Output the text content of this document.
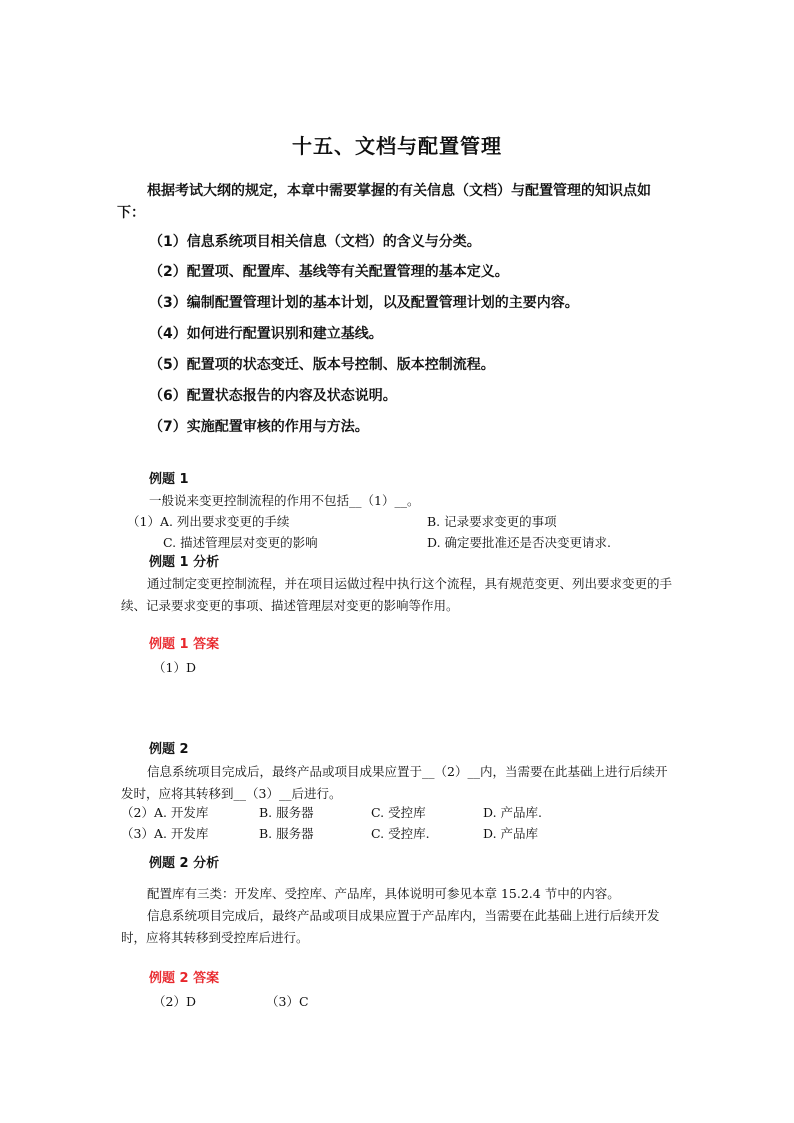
十五、文档与配置管理
根据考试大纲的规定，本章中需要掌握的有关信息（文档）与配置管理的知识点如下：
（1）信息系统项目相关信息（文档）的含义与分类。
（2）配置项、配置库、基线等有关配置管理的基本定义。
（3）编制配置管理计划的基本计划，以及配置管理计划的主要内容。
（4）如何进行配置识别和建立基线。
（5）配置项的状态变迁、版本号控制、版本控制流程。
（6）配置状态报告的内容及状态说明。
（7）实施配置审核的作用与方法。
例题 1
一般说来变更控制流程的作用不包括__（1）__。
（1）A. 列出要求变更的手续	B. 记录要求变更的事项
C. 描述管理层对变更的影响	D. 确定要批准还是否决变更请求.
例题 1 分析
通过制定变更控制流程，并在项目运做过程中执行这个流程，具有规范变更、列出要求变更的手续、记录要求变更的事项、描述管理层对变更的影响等作用。
例题 1 答案
（1）D
例题 2
信息系统项目完成后，最终产品或项目成果应置于__（2）__内，当需要在此基础上进行后续开发时，应将其转移到__（3）__后进行。
（2）A. 开发库	B. 服务器	C. 受控库	D. 产品库.
（3）A. 开发库	B. 服务器	C. 受控库.	D. 产品库
例题 2 分析
配置库有三类：开发库、受控库、产品库，具体说明可参见本章 15.2.4 节中的内容。
信息系统项目完成后，最终产品或项目成果应置于产品库内，当需要在此基础上进行后续开发时，应将其转移到受控库后进行。
例题 2 答案
（2）D	（3）C
